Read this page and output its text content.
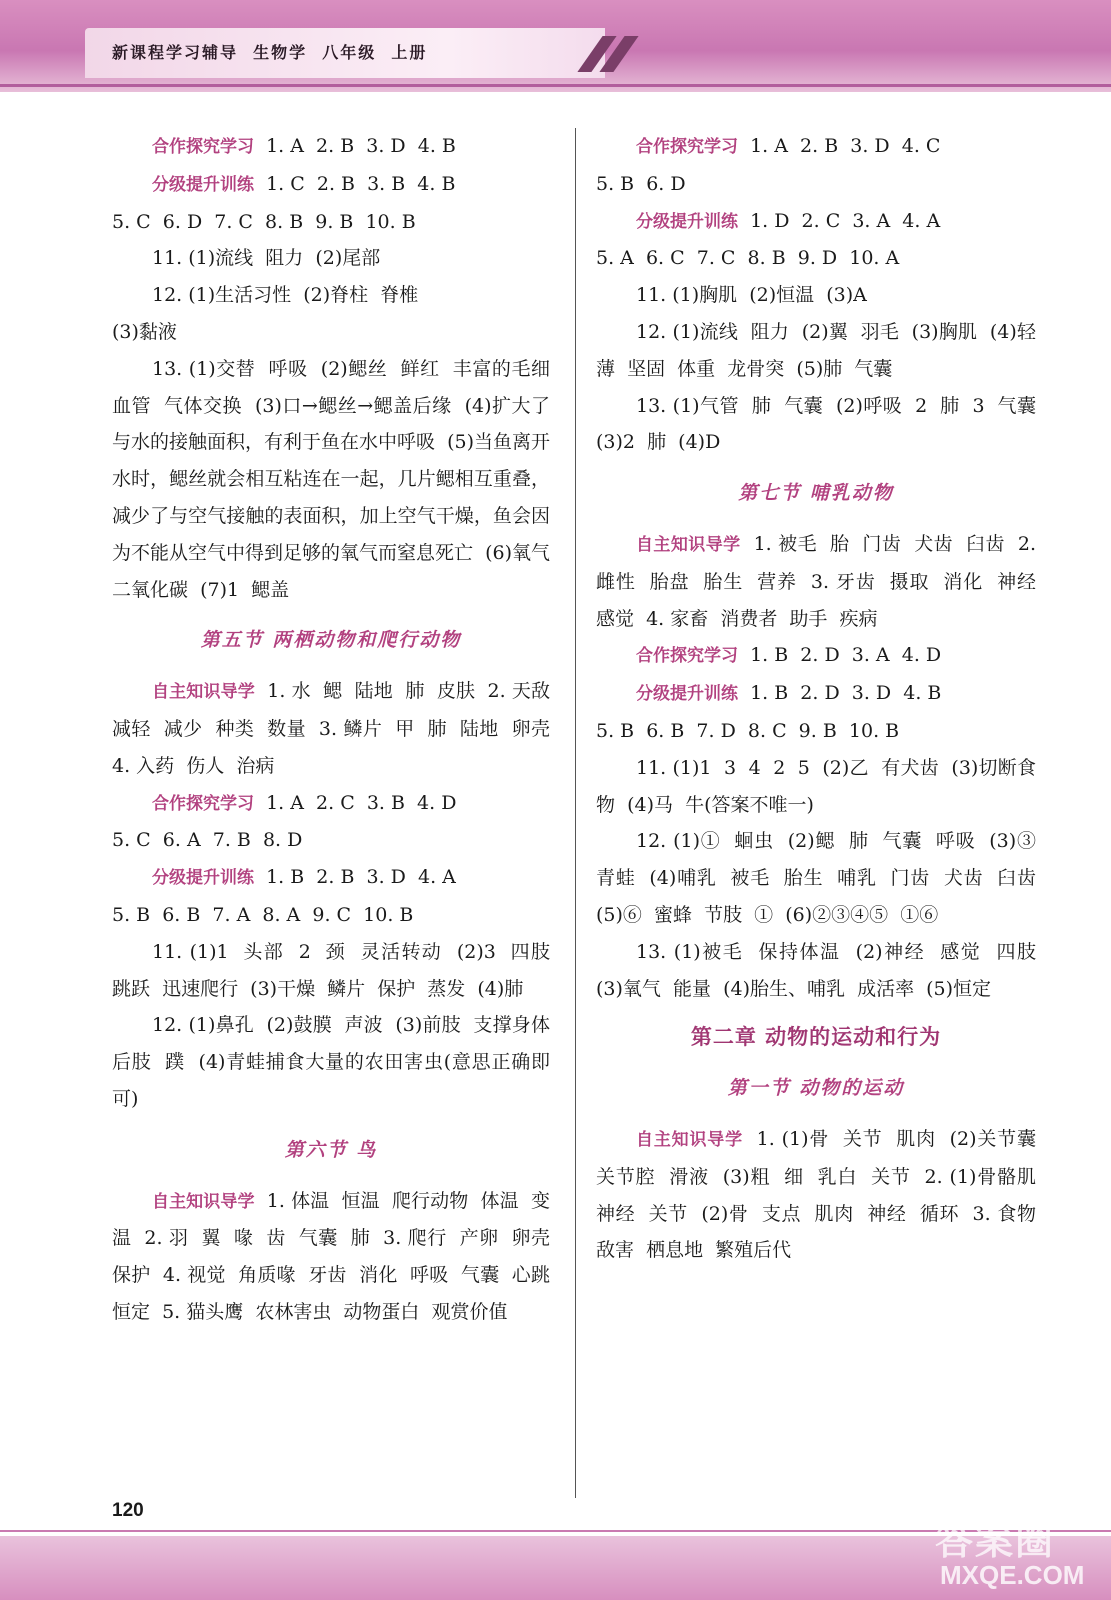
新课程学习辅导  生物学  八年级  上册
合作探究学习  1. A  2. B  3. D  4. B
分级提升训练  1. C  2. B  3. B  4. B
5. C  6. D  7. C  8. B  9. B  10. B
11. (1)流线  阻力  (2)尾部
12. (1)生活习性  (2)脊柱  脊椎
(3)黏液
13. (1)交替  呼吸  (2)鳃丝  鲜红  丰富的毛细血管  气体交换  (3)口→鳃丝→鳃盖后缘  (4)扩大了与水的接触面积，有利于鱼在水中呼吸  (5)当鱼离开水时，鳃丝就会相互粘连在一起，几片鳃相互重叠，减少了与空气接触的表面积，加上空气干燥，鱼会因为不能从空气中得到足够的氧气而窒息死亡  (6)氧气  二氧化碳  (7)1  鳃盖
第五节 两栖动物和爬行动物
自主知识导学  1. 水  鳃  陆地  肺  皮肤  2. 天敌  减轻  减少  种类  数量  3. 鳞片  甲  肺  陆地  卵壳  4. 入药  伤人  治病
合作探究学习  1. A  2. C  3. B  4. D
5. C  6. A  7. B  8. D
分级提升训练  1. B  2. B  3. D  4. A
5. B  6. B  7. A  8. A  9. C  10. B
11. (1)1  头部  2  颈  灵活转动  (2)3  四肢  跳跃  迅速爬行  (3)干燥  鳞片  保护  蒸发  (4)肺
12. (1)鼻孔  (2)鼓膜  声波  (3)前肢  支撑身体  后肢  蹼  (4)青蛙捕食大量的农田害虫(意思正确即可)
第六节 鸟
自主知识导学  1. 体温  恒温  爬行动物  体温  变温  2. 羽  翼  喙  齿  气囊  肺  3. 爬行  产卵  卵壳  保护  4. 视觉  角质喙  牙齿  消化  呼吸  气囊  心跳  恒定  5. 猫头鹰  农林害虫  动物蛋白  观赏价值
合作探究学习  1. A  2. B  3. D  4. C
5. B  6. D
分级提升训练  1. D  2. C  3. A  4. A
5. A  6. C  7. C  8. B  9. D  10. A
11. (1)胸肌  (2)恒温  (3)A
12. (1)流线  阻力  (2)翼  羽毛  (3)胸肌  (4)轻  薄  坚固  体重  龙骨突  (5)肺  气囊
13. (1)气管  肺  气囊  (2)呼吸  2  肺  3  气囊  (3)2  肺  (4)D
第七节 哺乳动物
自主知识导学  1. 被毛  胎  门齿  犬齿  臼齿  2. 雌性  胎盘  胎生  营养  3. 牙齿  摄取  消化  神经  感觉  4. 家畜  消费者  助手  疾病
合作探究学习  1. B  2. D  3. A  4. D
分级提升训练  1. B  2. D  3. D  4. B
5. B  6. B  7. D  8. C  9. B  10. B
11. (1)1  3  4  2  5  (2)乙  有犬齿  (3)切断食物  (4)马  牛(答案不唯一)
12. (1)①  蛔虫  (2)鳃  肺  气囊  呼吸  (3)③  青蛙  (4)哺乳  被毛  胎生  哺乳  门齿  犬齿  臼齿  (5)⑥  蜜蜂  节肢  ①  (6)②③④⑤  ①⑥
13. (1)被毛  保持体温  (2)神经  感觉  四肢  (3)氧气  能量  (4)胎生、哺乳  成活率  (5)恒定
第二章 动物的运动和行为
第一节 动物的运动
自主知识导学  1. (1)骨  关节  肌肉  (2)关节囊  关节腔  滑液  (3)粗  细  乳白  关节  2. (1)骨骼肌  神经  关节  (2)骨  支点  肌肉  神经  循环  3. 食物  敌害  栖息地  繁殖后代
120
答案圈
MXQE.COM
